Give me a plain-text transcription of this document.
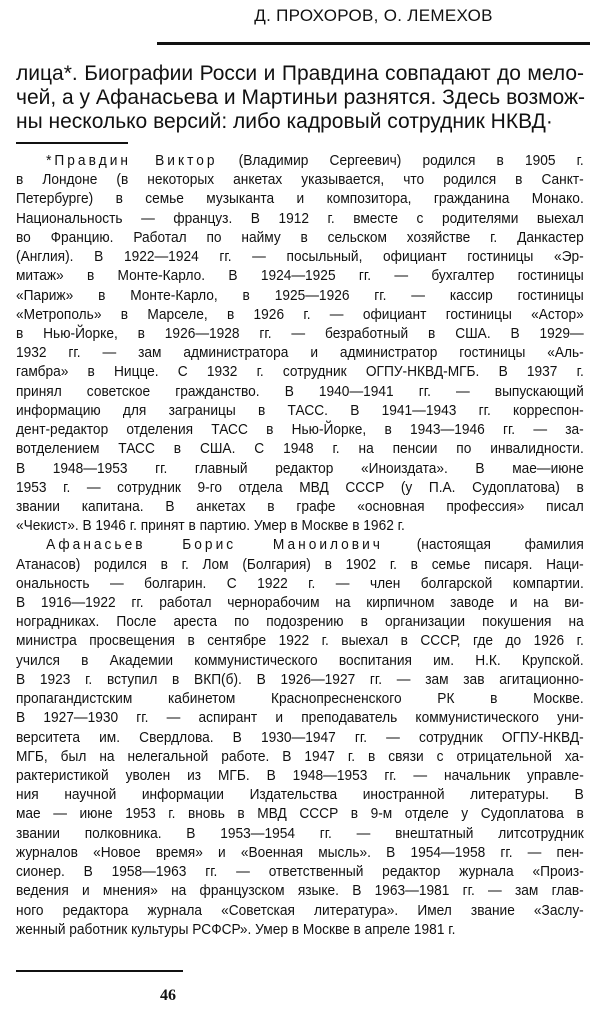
Д. ПРОХОРОВ, О. ЛЕМЕХОВ
лица*. Биографии Росси и Правдина совпадают до мело-
чей, а у Афанасьева и Мартиньи разнятся. Здесь возмож-
ны несколько версий: либо кадровый сотрудник НКВД·
*Правдин Виктор (Владимир Сергеевич) родился в 1905 г.
в Лондоне (в некоторых анкетах указывается, что родился в Санкт-
Петербурге) в семье музыканта и композитора, гражданина Монако.
Национальность — француз. В 1912 г. вместе с родителями выехал
во Францию. Работал по найму в сельском хозяйстве г. Данкастер
(Англия). В 1922—1924 гг. — посыльный, официант гостиницы «Эр-
митаж» в Монте-Карло. В 1924—1925 гг. — бухгалтер гостиницы
«Париж» в Монте-Карло, в 1925—1926 гг. — кассир гостиницы
«Метрополь» в Марселе, в 1926 г. — официант гостиницы «Астор»
в Нью-Йорке, в 1926—1928 гг. — безработный в США. В 1929—
1932 гг. — зам администратора и администратор гостиницы «Аль-
гамбра» в Ницце. С 1932 г. сотрудник ОГПУ-НКВД-МГБ. В 1937 г.
принял советское гражданство. В 1940—1941 гг. — выпускающий
информацию для заграницы в ТАСС. В 1941—1943 гг. корреспон-
дент-редактор отделения ТАСС в Нью-Йорке, в 1943—1946 гг. — за-
вотделением ТАСС в США. С 1948 г. на пенсии по инвалидности.
В 1948—1953 гг. главный редактор «Иноиздата». В мае—июне
1953 г. — сотрудник 9-го отдела МВД СССР (у П.А. Судоплатова) в
звании капитана. В анкетах в графе «основная профессия» писал
«Чекист». В 1946 г. принят в партию. Умер в Москве в 1962 г.
Афанасьев Борис Маноилович (настоящая фамилия
Атанасов) родился в г. Лом (Болгария) в 1902 г. в семье писаря. Наци-
ональность — болгарин. С 1922 г. — член болгарской компартии.
В 1916—1922 гг. работал чернорабочим на кирпичном заводе и на ви-
ноградниках. После ареста по подозрению в организации покушения на
министра просвещения в сентябре 1922 г. выехал в СССР, где до 1926 г.
учился в Академии коммунистического воспитания им. Н.К. Крупской.
В 1923 г. вступил в ВКП(б). В 1926—1927 гг. — зам зав агитационно-
пропагандистским кабинетом Краснопресненского РК в Москве.
В 1927—1930 гг. — аспирант и преподаватель коммунистического уни-
верситета им. Свердлова. В 1930—1947 гг. — сотрудник ОГПУ-НКВД-
МГБ, был на нелегальной работе. В 1947 г. в связи с отрицательной ха-
рактеристикой уволен из МГБ. В 1948—1953 гг. — начальник управле-
ния научной информации Издательства иностранной литературы. В
мае — июне 1953 г. вновь в МВД СССР в 9-м отделе у Судоплатова в
звании полковника. В 1953—1954 гг. — внештатный литсотрудник
журналов «Новое время» и «Военная мысль». В 1954—1958 гг. — пен-
сионер. В 1958—1963 гг. — ответственный редактор журнала «Произ-
ведения и мнения» на французском языке. В 1963—1981 гг. — зам глав-
ного редактора журнала «Советская литература». Имел звание «Заслу-
женный работник культуры РСФСР». Умер в Москве в апреле 1981 г.
46
